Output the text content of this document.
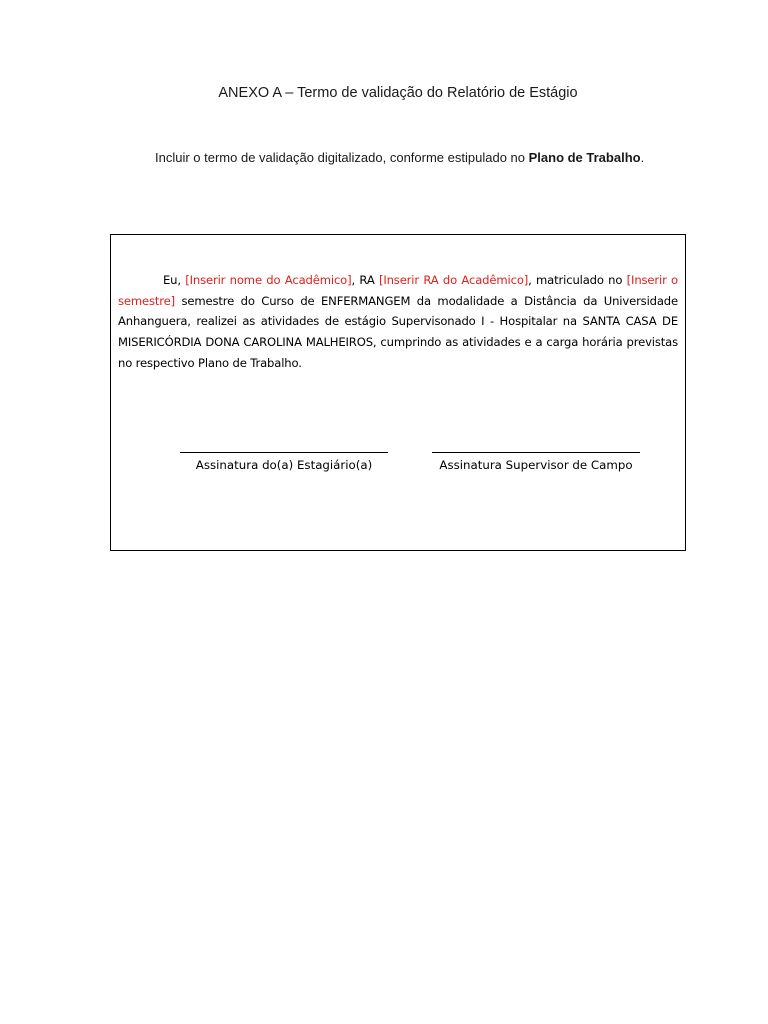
ANEXO A – Termo de validação do Relatório de Estágio
Incluir o termo de validação digitalizado, conforme estipulado no Plano de Trabalho.
Eu, [Inserir nome do Acadêmico], RA [Inserir RA do Acadêmico], matriculado no [Inserir o semestre] semestre do Curso de ENFERMANGEM da modalidade a Distância da Universidade Anhanguera, realizei as atividades de estágio Supervisonado I - Hospitalar na SANTA CASA DE MISERICÓRDIA DONA CAROLINA MALHEIROS, cumprindo as atividades e a carga horária previstas no respectivo Plano de Trabalho.
Assinatura do(a) Estagiário(a)	Assinatura Supervisor de Campo
